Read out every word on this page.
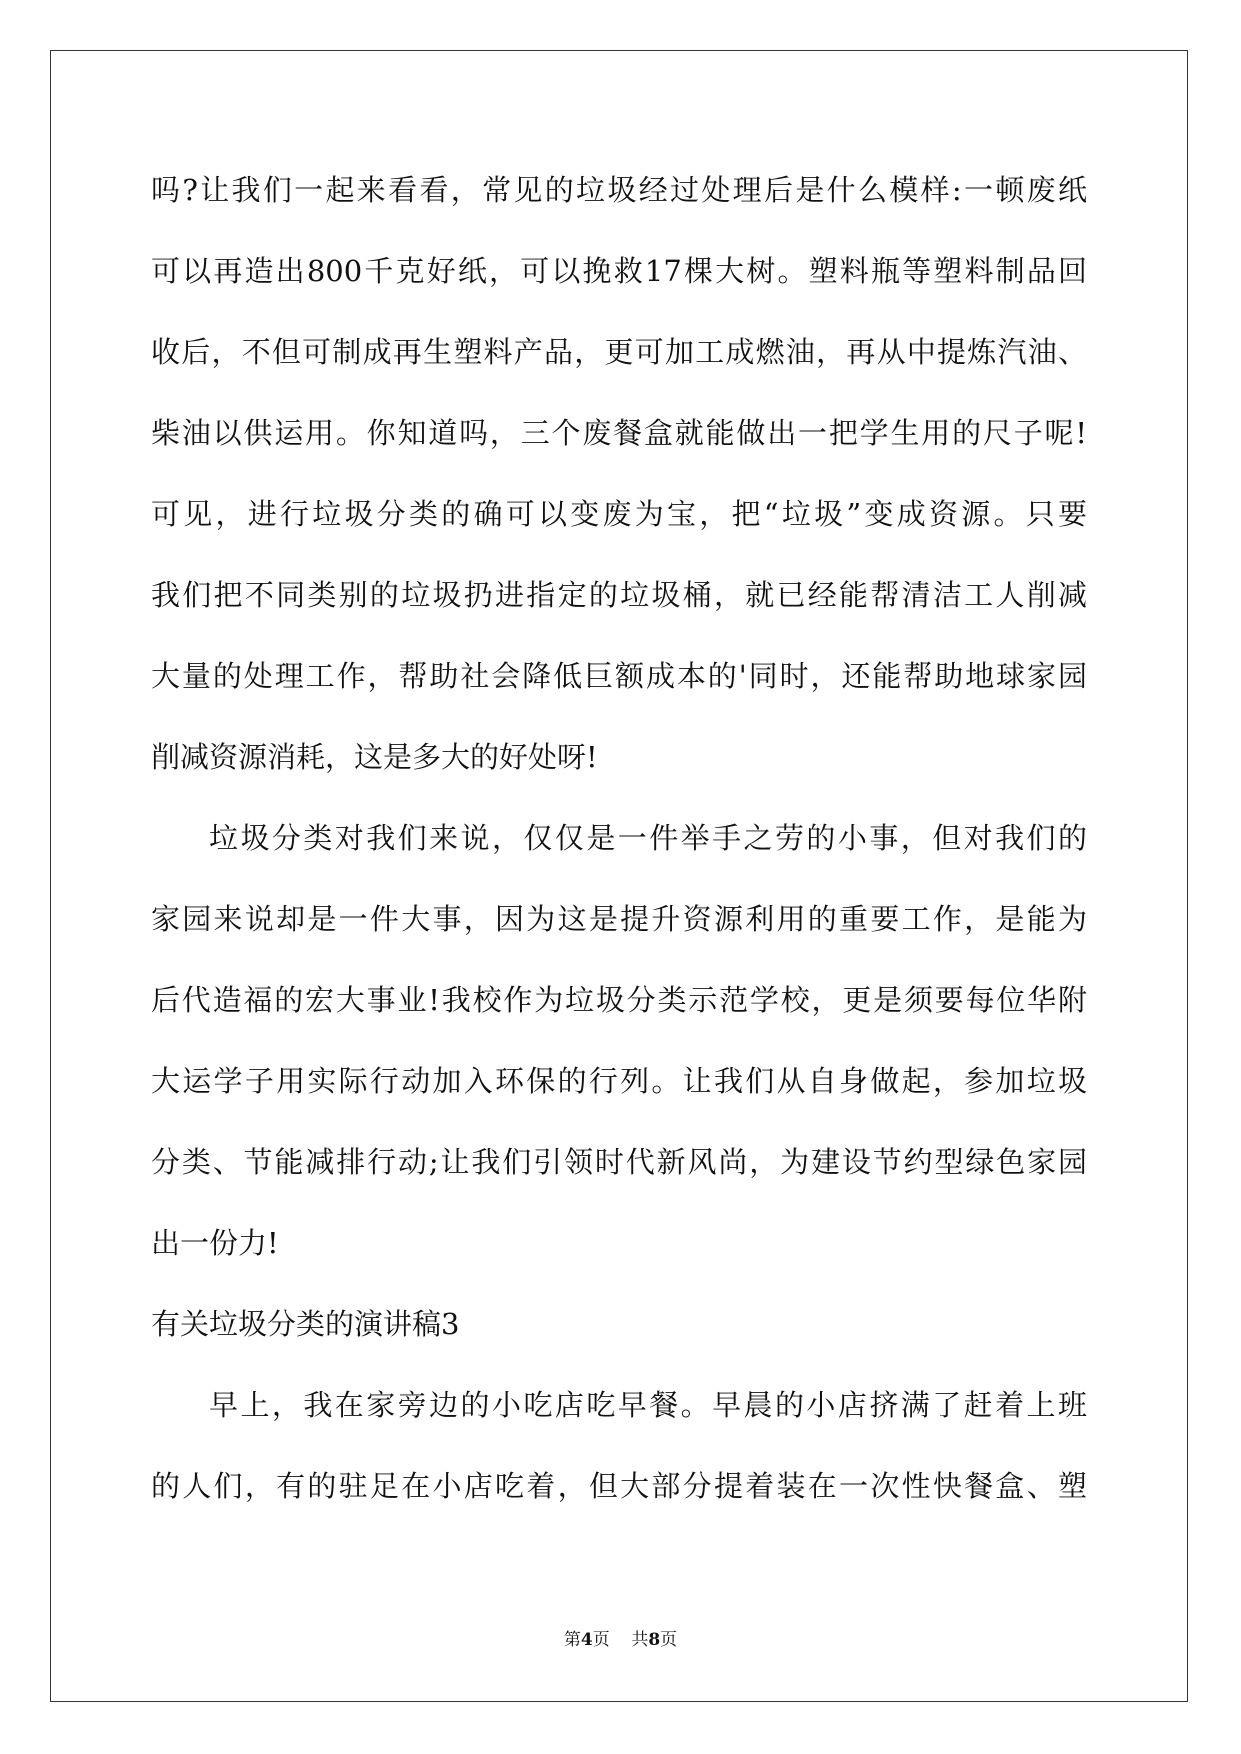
吗?让我们一起来看看，常见的垃圾经过处理后是什么模样:一顿废纸
可以再造出800千克好纸，可以挽救17棵大树。塑料瓶等塑料制品回
收后，不但可制成再生塑料产品，更可加工成燃油，再从中提炼汽油、
柴油以供运用。你知道吗，三个废餐盒就能做出一把学生用的尺子呢!
可见，进行垃圾分类的确可以变废为宝，把“垃圾”变成资源。只要
我们把不同类别的垃圾扔进指定的垃圾桶，就已经能帮清洁工人削减
大量的处理工作，帮助社会降低巨额成本的'同时，还能帮助地球家园
削减资源消耗，这是多大的好处呀!
垃圾分类对我们来说，仅仅是一件举手之劳的小事，但对我们的
家园来说却是一件大事，因为这是提升资源利用的重要工作，是能为
后代造福的宏大事业!我校作为垃圾分类示范学校，更是须要每位华附
大运学子用实际行动加入环保的行列。让我们从自身做起，参加垃圾
分类、节能减排行动;让我们引领时代新风尚，为建设节约型绿色家园
出一份力!
有关垃圾分类的演讲稿3
早上，我在家旁边的小吃店吃早餐。早晨的小店挤满了赶着上班
的人们，有的驻足在小店吃着，但大部分提着装在一次性快餐盒、塑
第4页 共8页
